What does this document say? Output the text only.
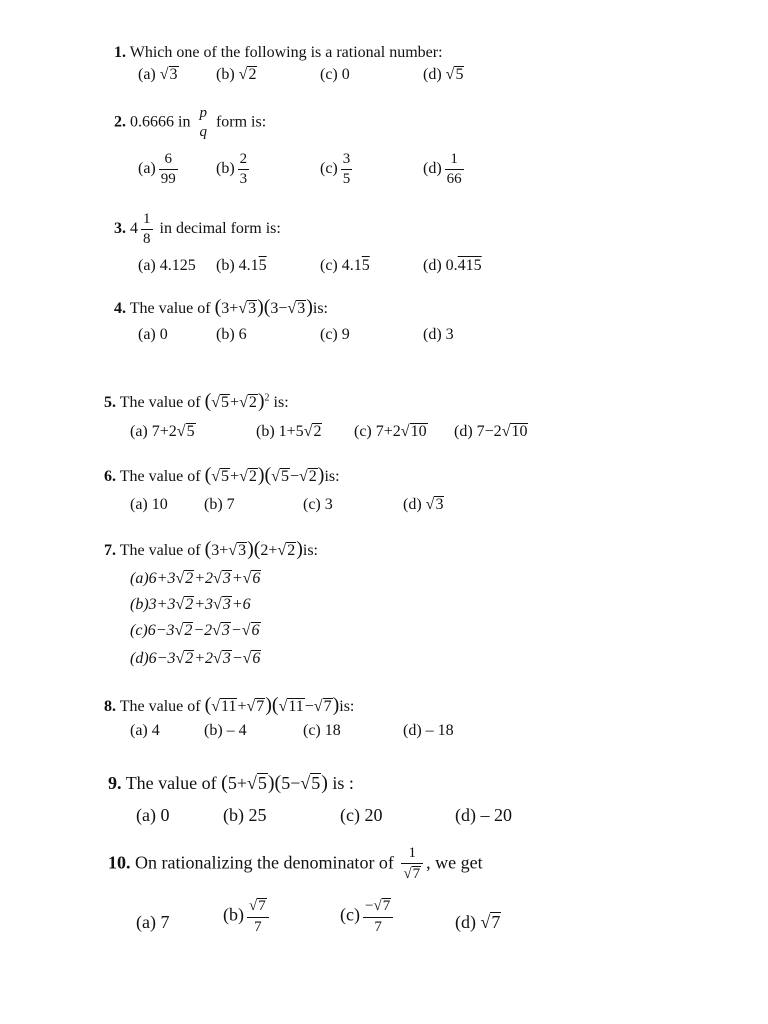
1. Which one of the following is a rational number:
(a) √3 (b) √2	(c) 0	(d) √5
2. 0.6666 in
p
q
form is:
$(a) \frac{6}{99} (b) \frac{2}{3}$	$(c) \frac{3}{5}$	$(d) \frac{1}{66}$
3. $4 \frac{1}{8}$ in decimal form is:
(a) 4.125 (b) 4.15	(c) 4.15	(d) 0.415
4. The value of (3+√3)(3−√3)is:
(a) 0	(b) 6	(c) 9	(d) 3
5. The value of $(√5+√2)^2$ is:
(a) 7+2√5	(b) 1+5√2 (c) 7+2√10 (d) 7−2√10
6. The value of (√5+√2)(√5−√2)is:
(a) 10 (b) 7	(c) 3	(d) √3
7. The value of (3+√3)(2+√2)is:
(a)6+3√2+2√3+√6
(b)3+3√2+3√3+6
(c)6−3√2−2√3−√6
(d)6−3√2+2√3−√6
8. The value of (√11+√7)(√11−√7)is:
(a) 4	(b) – 4	(c) 18	(d) – 18
9. The value of (5+√5)(5−√5) is :
(a) 0	(b) 25	(c) 20	(d) – 20
10. On rationalizing the denominator of $\frac{1}{√7}$ , we get
(a) 7	$(b) \frac{√7}{7}$	$(c) \frac{-√7}{7}$	(d) √7
